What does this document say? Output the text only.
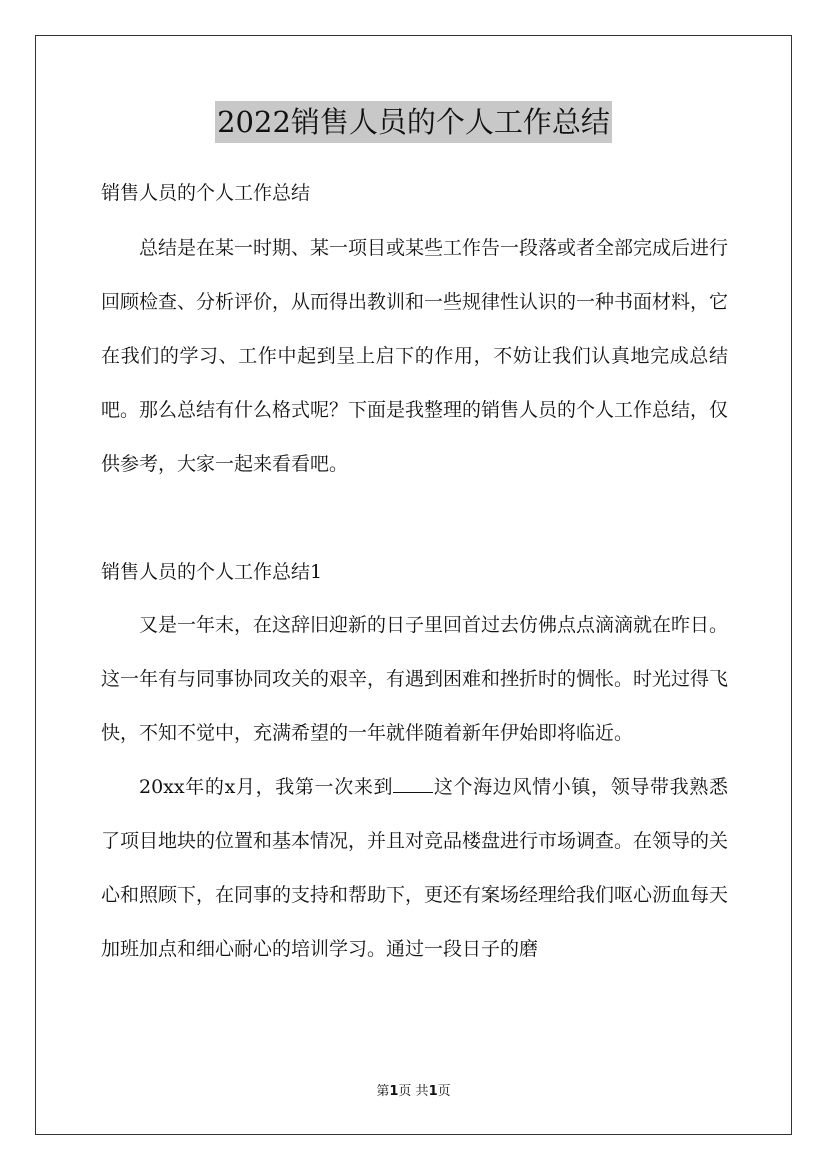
2022销售人员的个人工作总结
销售人员的个人工作总结

总结是在某一时期、某一项目或某些工作告一段落或者全部完成后进行回顾检查、分析评价，从而得出教训和一些规律性认识的一种书面材料，它在我们的学习、工作中起到呈上启下的作用，不妨让我们认真地完成总结吧。那么总结有什么格式呢？下面是我整理的销售人员的个人工作总结，仅供参考，大家一起来看看吧。

销售人员的个人工作总结1

又是一年末，在这辞旧迎新的日子里回首过去仿佛点点滴滴就在昨日。这一年有与同事协同攻关的艰辛，有遇到困难和挫折时的惆怅。时光过得飞快，不知不觉中，充满希望的一年就伴随着新年伊始即将临近。

20xx年的x月，我第一次来到 这个海边风情小镇，领导带我熟悉了项目地块的位置和基本情况，并且对竞品楼盘进行市场调查。在领导的关心和照顾下，在同事的支持和帮助下，更还有案场经理给我们呕心沥血每天加班加点和细心耐心的培训学习。通过一段日子的磨

第1页 共1页
